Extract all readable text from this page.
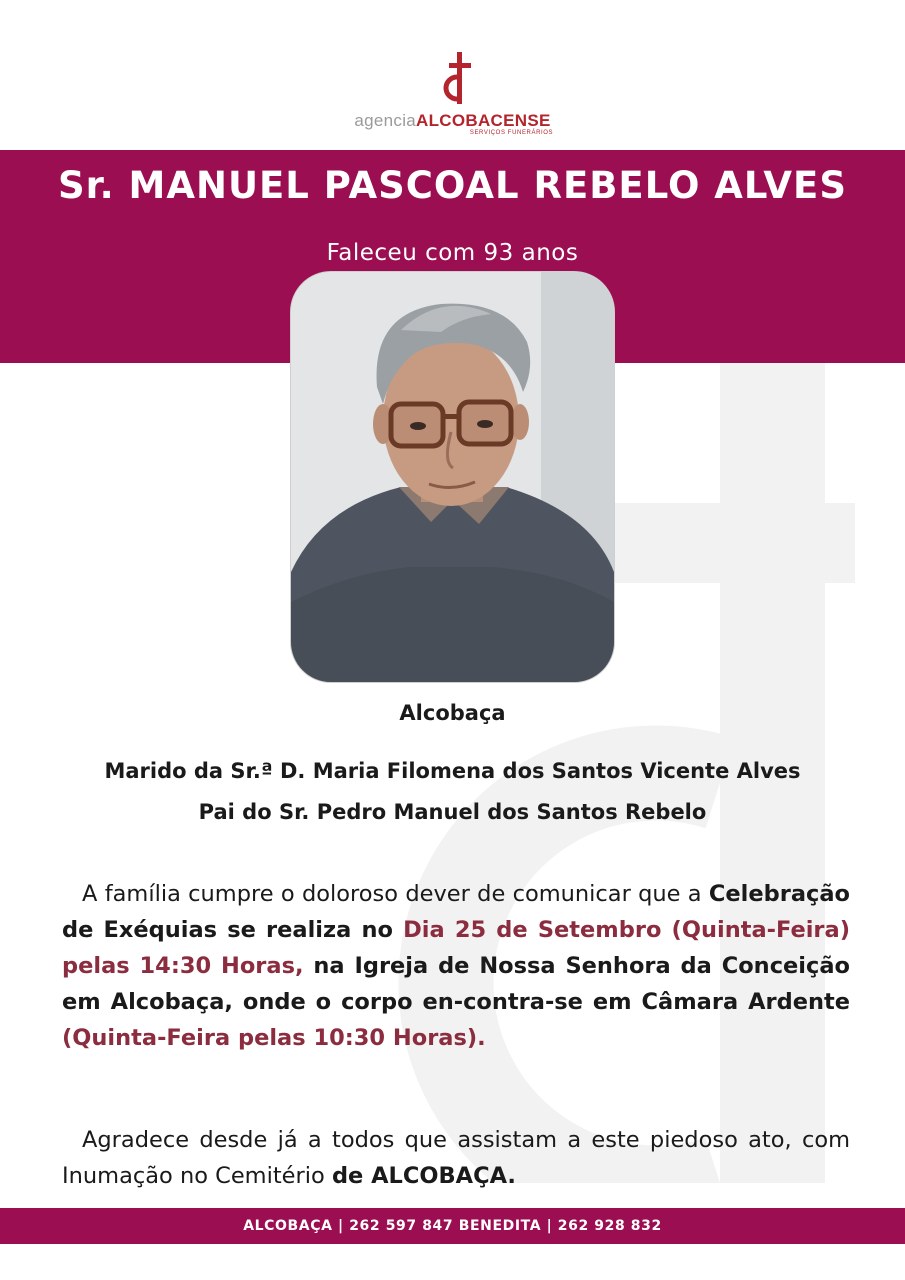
agenciaALCOBACENSE
SERVIÇOS FUNERÁRIOS
Sr. MANUEL PASCOAL REBELO ALVES
Faleceu com 93 anos
Alcobaça
Marido da Sr.ª D. Maria Filomena dos Santos Vicente Alves
Pai do Sr. Pedro Manuel dos Santos Rebelo

A família cumpre o doloroso dever de comunicar que a Celebração de Exéquias se realiza no Dia 25 de Setembro (Quinta-Feira) pelas 14:30 Horas, na Igreja de Nossa Senhora da Conceição em Alcobaça, onde o corpo en-contra-se em Câmara Ardente (Quinta-Feira pelas 10:30 Horas).

Agradece desde já a todos que assistam a este piedoso ato, com Inumação no Cemitério de ALCOBAÇA.

ALCOBAÇA | 262 597 847 BENEDITA | 262 928 832
